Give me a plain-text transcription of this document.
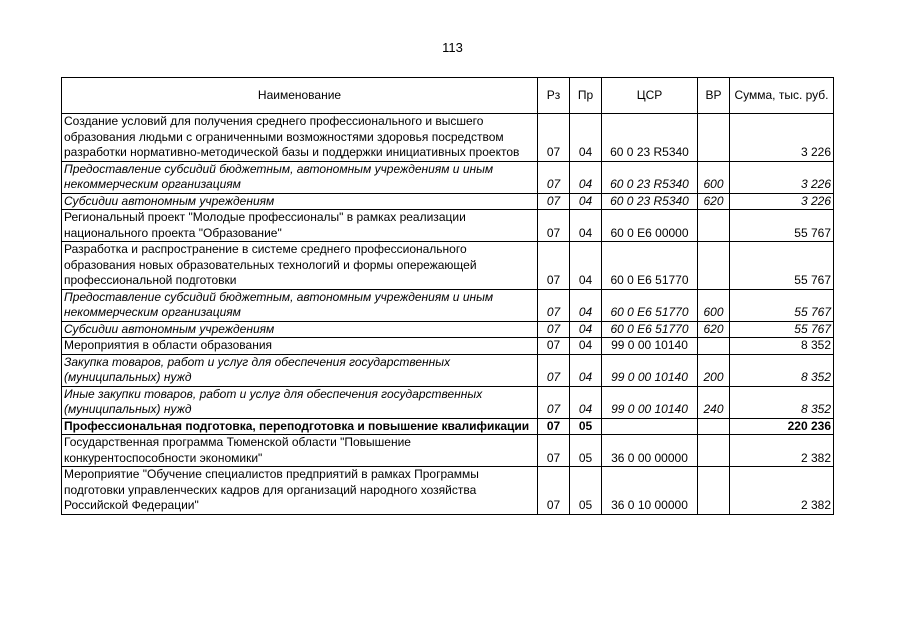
113
Наименование	Рз	Пр	ЦСР	ВР	Сумма, тыс. руб.
Создание условий для получения среднего профессионального и высшего образования людьми с ограниченными возможностями здоровья посредством разработки нормативно-методической базы и поддержки инициативных проектов	07	04	60 0 23 R5340		3 226
Предоставление субсидий бюджетным, автономным учреждениям и иным некоммерческим организациям	07	04	60 0 23 R5340	600	3 226
Субсидии автономным учреждениям	07	04	60 0 23 R5340	620	3 226
Региональный проект "Молодые профессионалы" в рамках реализации национального проекта "Образование"	07	04	60 0 Е6 00000		55 767
Разработка и распространение в системе среднего профессионального образования новых образовательных технологий и формы опережающей профессиональной подготовки	07	04	60 0 Е6 51770		55 767
Предоставление субсидий бюджетным, автономным учреждениям и иным некоммерческим организациям	07	04	60 0 Е6 51770	600	55 767
Субсидии автономным учреждениям	07	04	60 0 Е6 51770	620	55 767
Мероприятия в области образования	07	04	99 0 00 10140		8 352
Закупка товаров, работ и услуг для обеспечения государственных (муниципальных) нужд	07	04	99 0 00 10140	200	8 352
Иные закупки товаров, работ и услуг для обеспечения государственных (муниципальных) нужд	07	04	99 0 00 10140	240	8 352
Профессиональная подготовка, переподготовка и повышение квалификации	07	05			220 236
Государственная программа Тюменской области "Повышение конкурентоспособности экономики"	07	05	36 0 00 00000		2 382
Мероприятие "Обучение специалистов предприятий в рамках Программы подготовки управленческих кадров для организаций народного хозяйства Российской Федерации"	07	05	36 0 10 00000		2 382
